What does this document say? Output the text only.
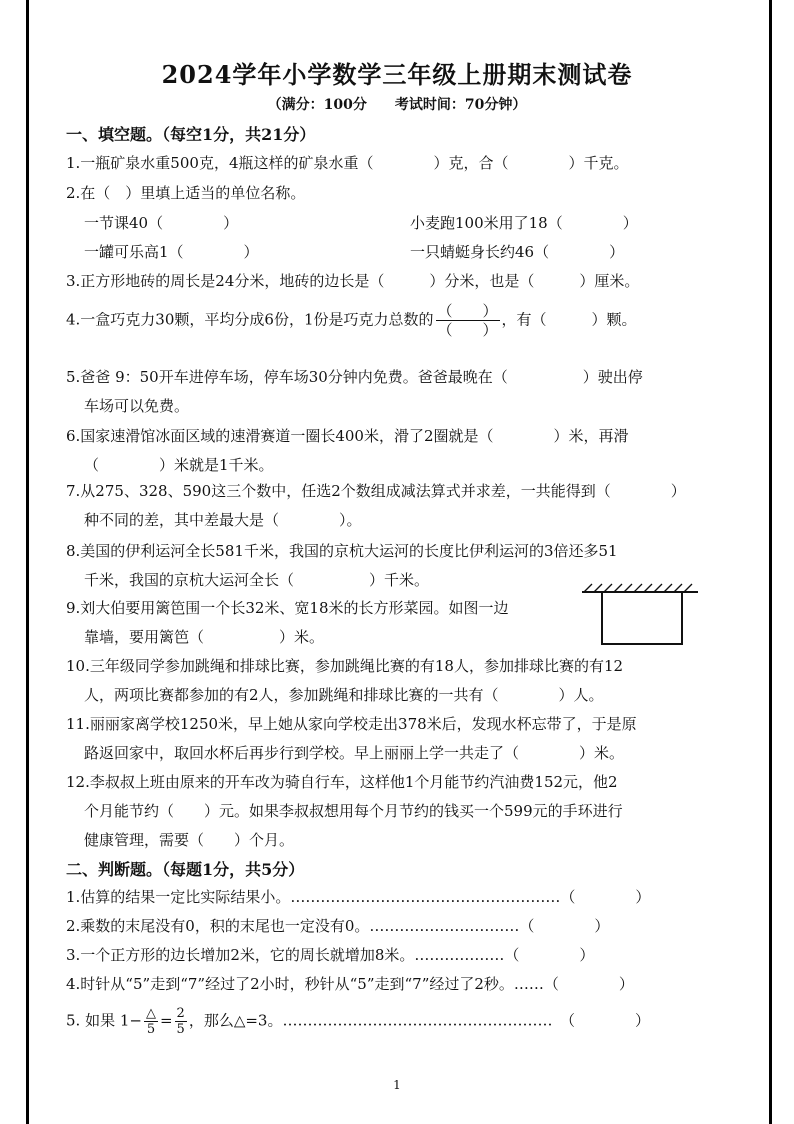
2024学年小学数学三年级上册期末测试卷
（满分：100分　　考试时间：70分钟）
一、填空题。（每空1分，共21分）
1.一瓶矿泉水重500克，4瓶这样的矿泉水重（　　　　）克，合（　　　　）千克。
2.在（　）里填上适当的单位名称。
一节课40（　　　　）	小麦跑100米用了18（　　　　）
一罐可乐高1（　　　　）	一只蜻蜓身长约46（　　　　）
3.正方形地砖的周长是24分米，地砖的边长是（　　　）分米，也是（　　　）厘米。
4.一盒巧克力30颗，平均分成6份，1份是巧克力总数的 $\frac{( )}{( )}$ ，有（　　　）颗。
5.爸爸 9：50开车进停车场，停车场30分钟内免费。爸爸最晚在（　　　　　）驶出停
车场可以免费。
6.国家速滑馆冰面区域的速滑赛道一圈长400米，滑了2圈就是（　　　　）米，再滑
（　　　　）米就是1千米。
7.从275、328、590这三个数中，任选2个数组成减法算式并求差，一共能得到（　　　　）
种不同的差，其中差最大是（　　　　）。
8.美国的伊利运河全长581千米，我国的京杭大运河的长度比伊利运河的3倍还多51
千米，我国的京杭大运河全长（　　　　　）千米。
9.刘大伯要用篱笆围一个长32米、宽18米的长方形菜园。如图一边
靠墙，要用篱笆（　　　　　）米。
10.三年级同学参加跳绳和排球比赛，参加跳绳比赛的有18人，参加排球比赛的有12
人，两项比赛都参加的有2人，参加跳绳和排球比赛的一共有（　　　　）人。
11.丽丽家离学校1250米，早上她从家向学校走出378米后，发现水杯忘带了，于是原
路返回家中，取回水杯后再步行到学校。早上丽丽上学一共走了（　　　　）米。
12.李叔叔上班由原来的开车改为骑自行车，这样他1个月能节约汽油费152元，他2
个月能节约（　　）元。如果李叔叔想用每个月节约的钱买一个599元的手环进行
健康管理，需要（　　）个月。
二、判断题。（每题1分，共5分）
1.估算的结果一定比实际结果小。………………………………………………（　　　　）
2.乘数的末尾没有0，积的末尾也一定没有0。…………………………（　　　　）
3.一个正方形的边长增加2米，它的周长就增加8米。………………（　　　　）
4.时针从“5”走到“7”经过了2小时，秒针从“5”走到“7”经过了2秒。……（　　　　）
5. 如果 $1- \frac{\triangle}{5} = \frac{2}{5}$ ，那么△=3。………………………………………………　（　　　　）
1
